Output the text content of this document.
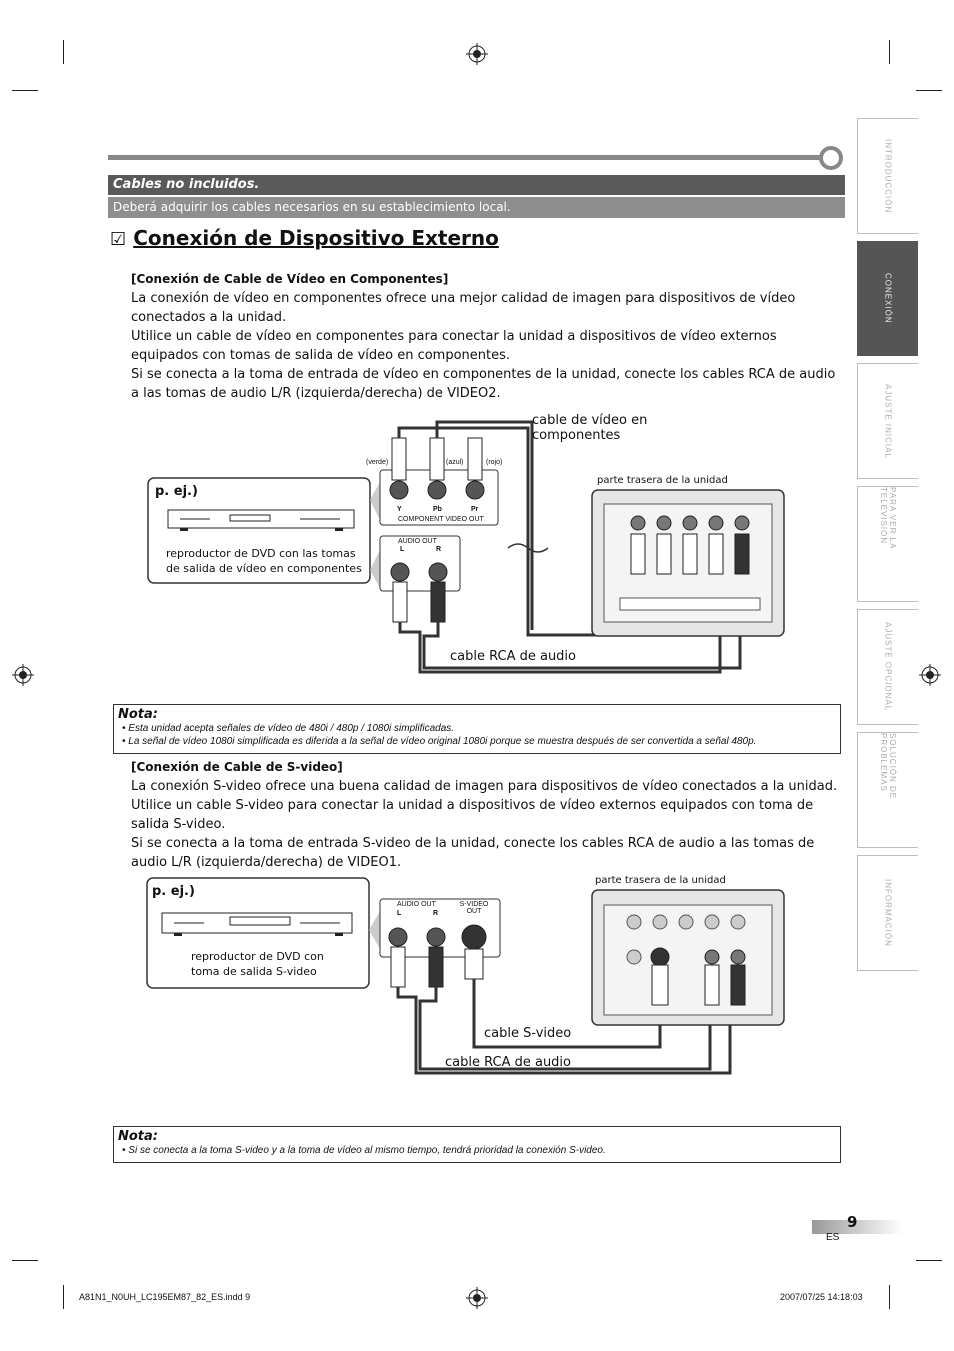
Cables no incluidos.
Deberá adquirir los cables necesarios en su establecimiento local.
☑ Conexión de Dispositivo Externo
INTRODUCCIÓN
CONEXIÓN
AJUSTE INICIAL
PARA VER LA TELEVISIÓN
AJUSTE OPCIONAL
SOLUCIÓN DE PROBLEMAS
INFORMACIÓN
[Conexión de Cable de Vídeo en Componentes]
La conexión de vídeo en componentes ofrece una mejor calidad de imagen para dispositivos de vídeo conectados a la unidad.
Utilice un cable de vídeo en componentes para conectar la unidad a dispositivos de vídeo externos equipados con tomas de salida de vídeo en componentes.
Si se conecta a la toma de entrada de vídeo en componentes de la unidad, conecte los cables RCA de audio a las tomas de audio L/R (izquierda/derecha) de VIDEO2.
p. ej.)
reproductor de DVD con las tomas de salida de vídeo en componentes
cable de vídeo en componentes
parte trasera de la unidad
cable RCA de audio
(verde)	(azul)	(rojo)
Y	Pb	Pr
COMPONENT VIDEO OUT
AUDIO OUT
L	R
Nota:
• Esta unidad acepta señales de vídeo de 480i / 480p / 1080i simplificadas.
• La señal de vídeo 1080i simplificada es diferida a la señal de vídeo original 1080i porque se muestra después de ser convertida a señal 480p.
[Conexión de Cable de S-video]
La conexión S-video ofrece una buena calidad de imagen para dispositivos de vídeo conectados a la unidad.
Utilice un cable S-video para conectar la unidad a dispositivos de vídeo externos equipados con toma de salida S-video.
Si se conecta a la toma de entrada S-video de la unidad, conecte los cables RCA de audio a las tomas de audio L/R (izquierda/derecha) de VIDEO1.
p. ej.)
reproductor de DVD con toma de salida S-video
parte trasera de la unidad
cable S-video
cable RCA de audio
AUDIO OUT	S-VIDEO OUT
L	R
Nota:
• Si se conecta a la toma S-video y a la toma de vídeo al mismo tiempo, tendrá prioridad la conexión S-video.
9
ES
A81N1_N0UH_LC195EM87_82_ES.indd 9	2007/07/25 14:18:03
